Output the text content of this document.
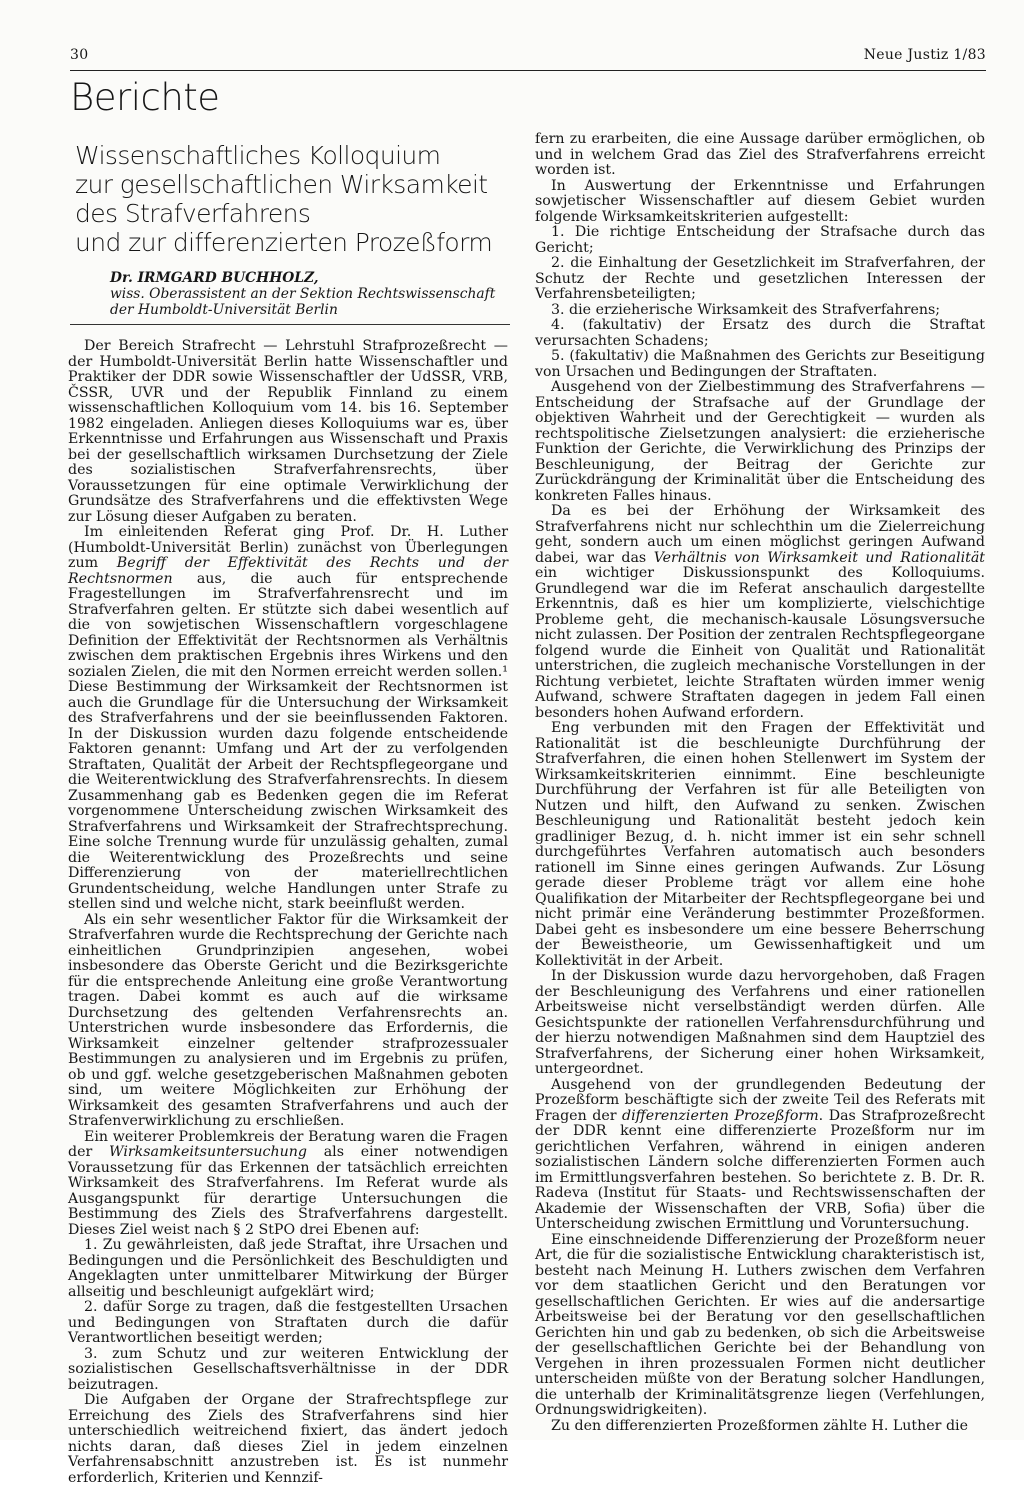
30	Neue Justiz 1/83
Berichte
Wissenschaftliches Kolloquium
zur gesellschaftlichen Wirksamkeit
des Strafverfahrens
und zur differenzierten Prozeßform
Dr. IRMGARD BUCHHOLZ,
wiss. Oberassistent an der Sektion Rechtswissenschaft
der Humboldt-Universität Berlin

Der Bereich Strafrecht — Lehrstuhl Strafprozeßrecht — der Humboldt-Universität Berlin hatte Wissenschaftler und Praktiker der DDR sowie Wissenschaftler der UdSSR, VRB, ČSSR, UVR und der Republik Finnland zu einem wissenschaftlichen Kolloquium vom 14. bis 16. September 1982 eingeladen. Anliegen dieses Kolloquiums war es, über Erkenntnisse und Erfahrungen aus Wissenschaft und Praxis bei der gesellschaftlich wirksamen Durchsetzung der Ziele des sozialistischen Strafverfahrensrechts, über Voraussetzungen für eine optimale Verwirklichung der Grundsätze des Strafverfahrens und die effektivsten Wege zur Lösung dieser Aufgaben zu beraten.

Im einleitenden Referat ging Prof. Dr. H. Luther (Humboldt-Universität Berlin) zunächst von Überlegungen zum Begriff der Effektivität des Rechts und der Rechtsnormen aus, die auch für entsprechende Fragestellungen im Strafverfahrensrecht und im Strafverfahren gelten. Er stützte sich dabei wesentlich auf die von sowjetischen Wissenschaftlern vorgeschlagene Definition der Effektivität der Rechtsnormen als Verhältnis zwischen dem praktischen Ergebnis ihres Wirkens und den sozialen Zielen, die mit den Normen erreicht werden sollen.¹ Diese Bestimmung der Wirksamkeit der Rechtsnormen ist auch die Grundlage für die Untersuchung der Wirksamkeit des Strafverfahrens und der sie beeinflussenden Faktoren. In der Diskussion wurden dazu folgende entscheidende Faktoren genannt: Umfang und Art der zu verfolgenden Straftaten, Qualität der Arbeit der Rechtspflegeorgane und die Weiterentwicklung des Strafverfahrensrechts. In diesem Zusammenhang gab es Bedenken gegen die im Referat vorgenommene Unterscheidung zwischen Wirksamkeit des Strafverfahrens und Wirksamkeit der Strafrechtsprechung. Eine solche Trennung wurde für unzulässig gehalten, zumal die Weiterentwicklung des Prozeßrechts und seine Differenzierung von der materiellrechtlichen Grundentscheidung, welche Handlungen unter Strafe zu stellen sind und welche nicht, stark beeinflußt werden.

Als ein sehr wesentlicher Faktor für die Wirksamkeit der Strafverfahren wurde die Rechtsprechung der Gerichte nach einheitlichen Grundprinzipien angesehen, wobei insbesondere das Oberste Gericht und die Bezirksgerichte für die entsprechende Anleitung eine große Verantwortung tragen. Dabei kommt es auch auf die wirksame Durchsetzung des geltenden Verfahrensrechts an. Unterstrichen wurde insbesondere das Erfordernis, die Wirksamkeit einzelner geltender strafprozessualer Bestimmungen zu analysieren und im Ergebnis zu prüfen, ob und ggf. welche gesetzgeberischen Maßnahmen geboten sind, um weitere Möglichkeiten zur Erhöhung der Wirksamkeit des gesamten Strafverfahrens und auch der Strafenverwirklichung zu erschließen.

Ein weiterer Problemkreis der Beratung waren die Fragen der Wirksamkeitsuntersuchung als einer notwendigen Voraussetzung für das Erkennen der tatsächlich erreichten Wirksamkeit des Strafverfahrens. Im Referat wurde als Ausgangspunkt für derartige Untersuchungen die Bestimmung des Ziels des Strafverfahrens dargestellt. Dieses Ziel weist nach § 2 StPO drei Ebenen auf:

1. Zu gewährleisten, daß jede Straftat, ihre Ursachen und Bedingungen und die Persönlichkeit des Beschuldigten und Angeklagten unter unmittelbarer Mitwirkung der Bürger allseitig und beschleunigt aufgeklärt wird;

2. dafür Sorge zu tragen, daß die festgestellten Ursachen und Bedingungen von Straftaten durch die dafür Verantwortlichen beseitigt werden;

3. zum Schutz und zur weiteren Entwicklung der sozialistischen Gesellschaftsverhältnisse in der DDR beizutragen.

Die Aufgaben der Organe der Strafrechtspflege zur Erreichung des Ziels des Strafverfahrens sind hier unterschiedlich weitreichend fixiert, das ändert jedoch nichts daran, daß dieses Ziel in jedem einzelnen Verfahrensabschnitt anzustreben ist. Es ist nunmehr erforderlich, Kriterien und Kennzif-

fern zu erarbeiten, die eine Aussage darüber ermöglichen, ob und in welchem Grad das Ziel des Strafverfahrens erreicht worden ist.

In Auswertung der Erkenntnisse und Erfahrungen sowjetischer Wissenschaftler auf diesem Gebiet wurden folgende Wirksamkeitskriterien aufgestellt:

1. Die richtige Entscheidung der Strafsache durch das Gericht;

2. die Einhaltung der Gesetzlichkeit im Strafverfahren, der Schutz der Rechte und gesetzlichen Interessen der Verfahrensbeteiligten;

3. die erzieherische Wirksamkeit des Strafverfahrens;

4. (fakultativ) der Ersatz des durch die Straftat verursachten Schadens;

5. (fakultativ) die Maßnahmen des Gerichts zur Beseitigung von Ursachen und Bedingungen der Straftaten.

Ausgehend von der Zielbestimmung des Strafverfahrens — Entscheidung der Strafsache auf der Grundlage der objektiven Wahrheit und der Gerechtigkeit — wurden als rechtspolitische Zielsetzungen analysiert: die erzieherische Funktion der Gerichte, die Verwirklichung des Prinzips der Beschleunigung, der Beitrag der Gerichte zur Zurückdrängung der Kriminalität über die Entscheidung des konkreten Falles hinaus.

Da es bei der Erhöhung der Wirksamkeit des Strafverfahrens nicht nur schlechthin um die Zielerreichung geht, sondern auch um einen möglichst geringen Aufwand dabei, war das Verhältnis von Wirksamkeit und Rationalität ein wichtiger Diskussionspunkt des Kolloquiums. Grundlegend war die im Referat anschaulich dargestellte Erkenntnis, daß es hier um komplizierte, vielschichtige Probleme geht, die mechanisch-kausale Lösungsversuche nicht zulassen. Der Position der zentralen Rechtspflegeorgane folgend wurde die Einheit von Qualität und Rationalität unterstrichen, die zugleich mechanische Vorstellungen in der Richtung verbietet, leichte Straftaten würden immer wenig Aufwand, schwere Straftaten dagegen in jedem Fall einen besonders hohen Aufwand erfordern.

Eng verbunden mit den Fragen der Effektivität und Rationalität ist die beschleunigte Durchführung der Strafverfahren, die einen hohen Stellenwert im System der Wirksamkeitskriterien einnimmt. Eine beschleunigte Durchführung der Verfahren ist für alle Beteiligten von Nutzen und hilft, den Aufwand zu senken. Zwischen Beschleunigung und Rationalität besteht jedoch kein gradliniger Bezug, d. h. nicht immer ist ein sehr schnell durchgeführtes Verfahren automatisch auch besonders rationell im Sinne eines geringen Aufwands. Zur Lösung gerade dieser Probleme trägt vor allem eine hohe Qualifikation der Mitarbeiter der Rechtspflegeorgane bei und nicht primär eine Veränderung bestimmter Prozeßformen. Dabei geht es insbesondere um eine bessere Beherrschung der Beweistheorie, um Gewissenhaftigkeit und um Kollektivität in der Arbeit.

In der Diskussion wurde dazu hervorgehoben, daß Fragen der Beschleunigung des Verfahrens und einer rationellen Arbeitsweise nicht verselbständigt werden dürfen. Alle Gesichtspunkte der rationellen Verfahrensdurchführung und der hierzu notwendigen Maßnahmen sind dem Hauptziel des Strafverfahrens, der Sicherung einer hohen Wirksamkeit, untergeordnet.

Ausgehend von der grundlegenden Bedeutung der Prozeßform beschäftigte sich der zweite Teil des Referats mit Fragen der differenzierten Prozeßform. Das Strafprozeßrecht der DDR kennt eine differenzierte Prozeßform nur im gerichtlichen Verfahren, während in einigen anderen sozialistischen Ländern solche differenzierten Formen auch im Ermittlungsverfahren bestehen. So berichtete z. B. Dr. R. Radeva (Institut für Staats- und Rechtswissenschaften der Akademie der Wissenschaften der VRB, Sofia) über die Unterscheidung zwischen Ermittlung und Voruntersuchung.

Eine einschneidende Differenzierung der Prozeßform neuer Art, die für die sozialistische Entwicklung charakteristisch ist, besteht nach Meinung H. Luthers zwischen dem Verfahren vor dem staatlichen Gericht und den Beratungen vor gesellschaftlichen Gerichten. Er wies auf die andersartige Arbeitsweise bei der Beratung vor den gesellschaftlichen Gerichten hin und gab zu bedenken, ob sich die Arbeitsweise der gesellschaftlichen Gerichte bei der Behandlung von Vergehen in ihren prozessualen Formen nicht deutlicher unterscheiden müßte von der Beratung solcher Handlungen, die unterhalb der Kriminalitätsgrenze liegen (Verfehlungen, Ordnungswidrigkeiten).

Zu den differenzierten Prozeßformen zählte H. Luther die
